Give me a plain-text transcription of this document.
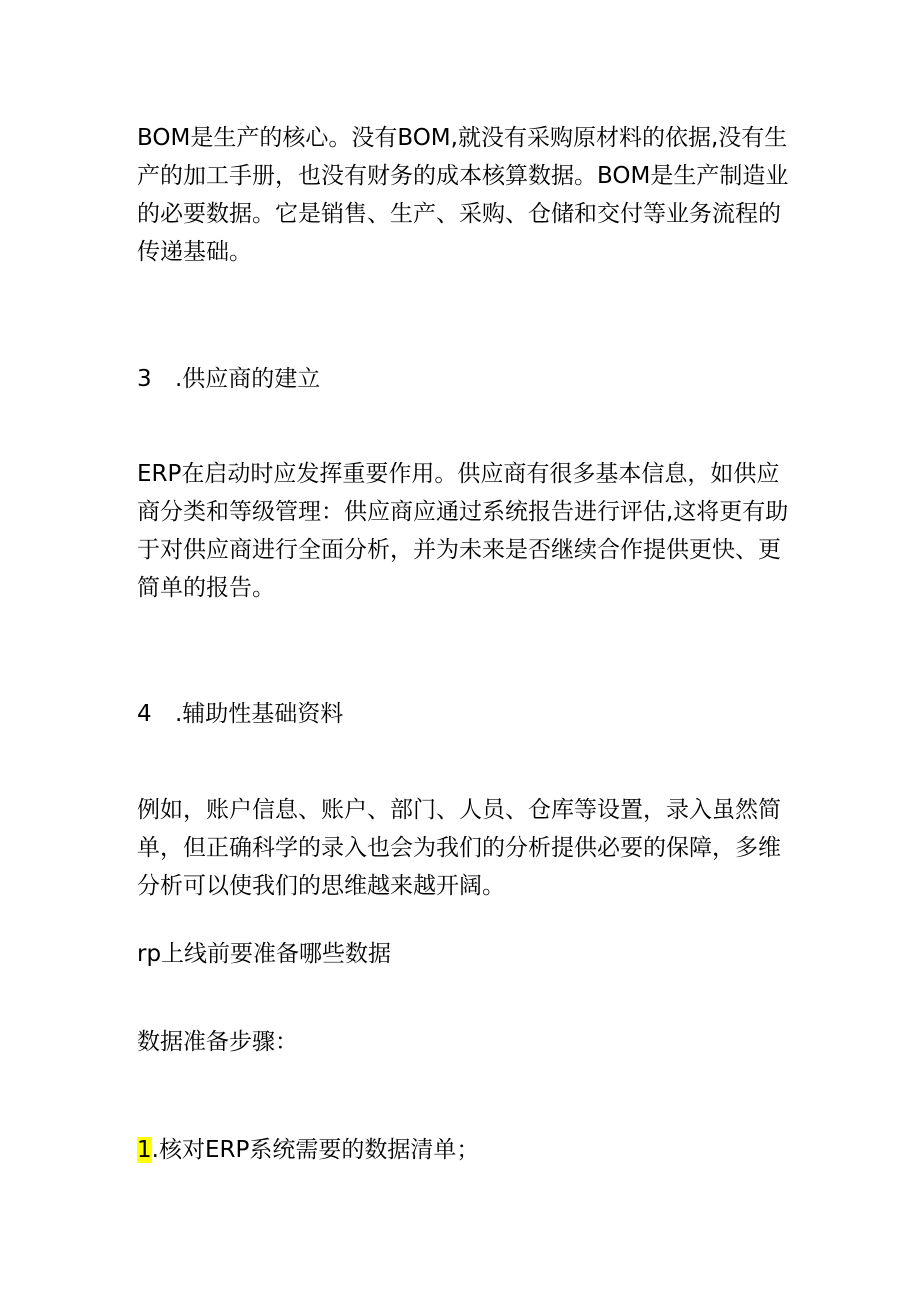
BOM是生产的核心。没有BOM,就没有采购原材料的依据,没有生产的加工手册，也没有财务的成本核算数据。BOM是生产制造业的必要数据。它是销售、生产、采购、仓储和交付等业务流程的传递基础。

3 .供应商的建立

ERP在启动时应发挥重要作用。供应商有很多基本信息，如供应商分类和等级管理：供应商应通过系统报告进行评估,这将更有助于对供应商进行全面分析，并为未来是否继续合作提供更快、更简单的报告。

4 .辅助性基础资料

例如，账户信息、账户、部门、人员、仓库等设置，录入虽然简单，但正确科学的录入也会为我们的分析提供必要的保障，多维分析可以使我们的思维越来越开阔。

rp上线前要准备哪些数据

数据准备步骤：

1.核对ERP系统需要的数据清单；
